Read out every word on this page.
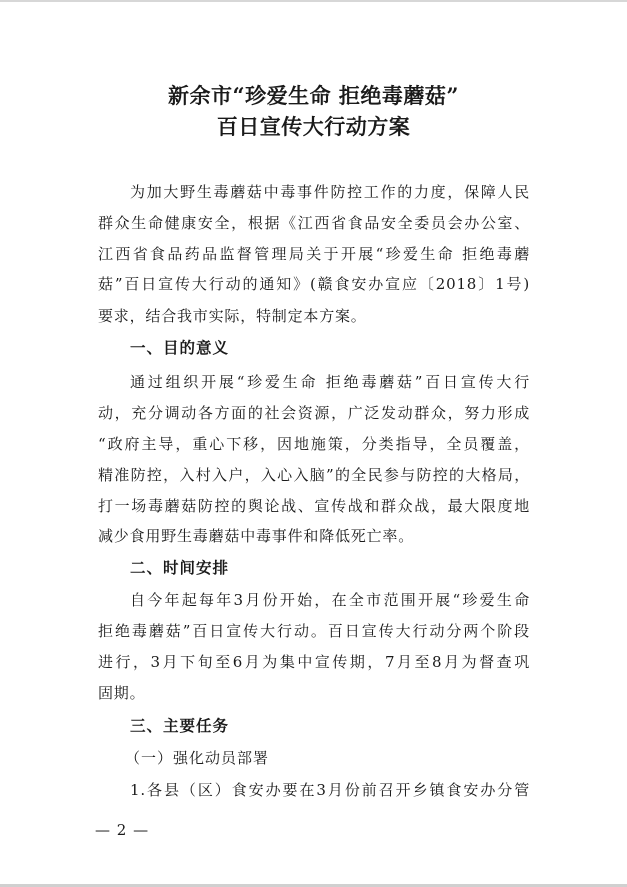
新余市“珍爱生命 拒绝毒蘑菇”
百日宣传大行动方案
为加大野生毒蘑菇中毒事件防控工作的力度，保障人民
群众生命健康安全，根据《江西省食品安全委员会办公室、
江西省食品药品监督管理局关于开展“珍爱生命 拒绝毒蘑
菇”百日宣传大行动的通知》(赣食安办宣应〔2018〕1号)
要求，结合我市实际，特制定本方案。
一、目的意义
通过组织开展“珍爱生命 拒绝毒蘑菇”百日宣传大行
动，充分调动各方面的社会资源，广泛发动群众，努力形成
“政府主导，重心下移，因地施策，分类指导，全员覆盖，
精准防控，入村入户，入心入脑”的全民参与防控的大格局，
打一场毒蘑菇防控的舆论战、宣传战和群众战，最大限度地
减少食用野生毒蘑菇中毒事件和降低死亡率。
二、时间安排
自今年起每年3月份开始，在全市范围开展“珍爱生命
拒绝毒蘑菇”百日宣传大行动。百日宣传大行动分两个阶段
进行，3月下旬至6月为集中宣传期，7月至8月为督查巩
固期。
三、主要任务
（一）强化动员部署
1.各县（区）食安办要在3月份前召开乡镇食安办分管
— 2 —
